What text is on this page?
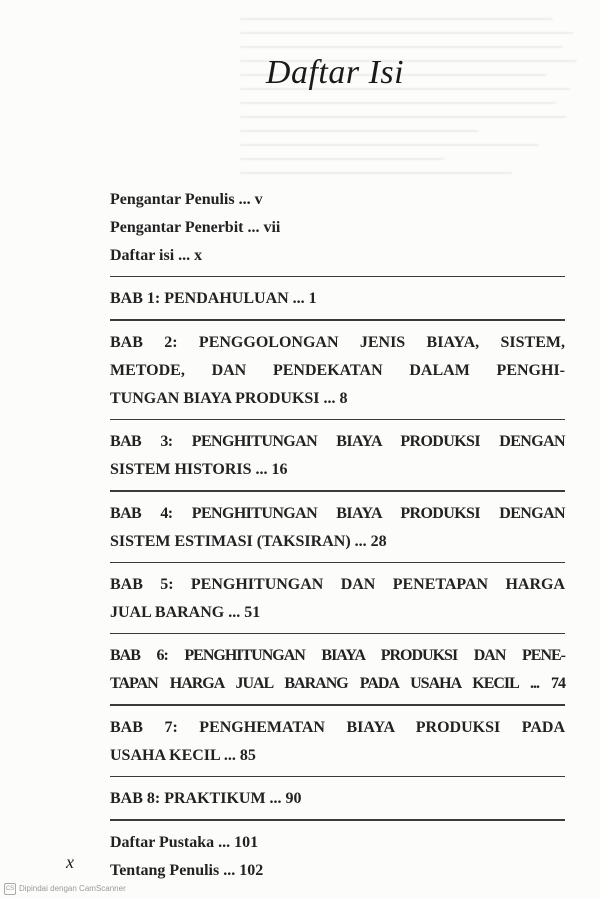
Daftar Isi
Pengantar Penulis ... v
Pengantar Penerbit ... vii
Daftar isi ... x
BAB 1: PENDAHULUAN ... 1
BAB 2: PENGGOLONGAN JENIS BIAYA, SISTEM,
METODE, DAN PENDEKATAN DALAM PENGHI-
TUNGAN BIAYA PRODUKSI ... 8
BAB 3: PENGHITUNGAN BIAYA PRODUKSI DENGAN
SISTEM HISTORIS ... 16
BAB 4: PENGHITUNGAN BIAYA PRODUKSI DENGAN
SISTEM ESTIMASI (TAKSIRAN) ... 28
BAB 5: PENGHITUNGAN DAN PENETAPAN HARGA
JUAL BARANG ... 51
BAB 6: PENGHITUNGAN BIAYA PRODUKSI DAN PENE-
TAPAN HARGA JUAL BARANG PADA USAHA KECIL ... 74
BAB 7: PENGHEMATAN BIAYA PRODUKSI PADA
USAHA KECIL ... 85
BAB 8: PRAKTIKUM ... 90
Daftar Pustaka ... 101
Tentang Penulis ... 102
x
CS Dipindai dengan CamScanner
